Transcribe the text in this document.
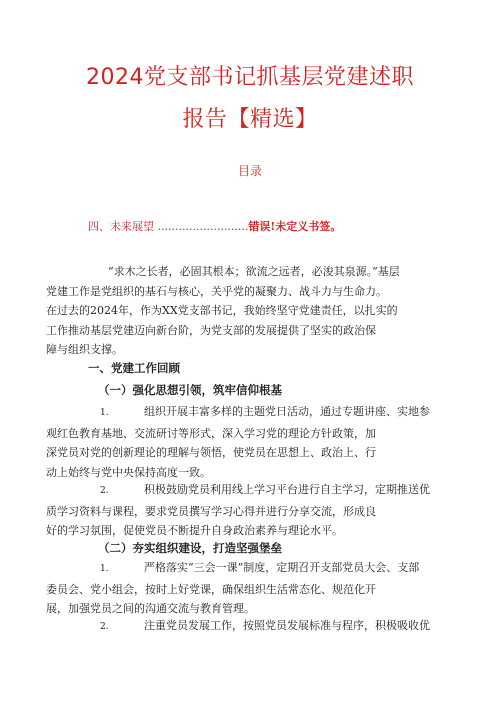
2024党支部书记抓基层党建述职
报告【精选】
目录
四、未来展望 ..........................错误!未定义书签。
“求木之长者，必固其根本；欲流之远者，必浚其泉源。”基层
党建工作是党组织的基石与核心，关乎党的凝聚力、战斗力与生命力。
在过去的2024年，作为XX党支部书记，我始终坚守党建责任，以扎实的
工作推动基层党建迈向新台阶，为党支部的发展提供了坚实的政治保
障与组织支撑。
一、党建工作回顾
（一）强化思想引领，筑牢信仰根基
1.	组织开展丰富多样的主题党日活动，通过专题讲座、实地参
观红色教育基地、交流研讨等形式，深入学习党的理论方针政策，加
深党员对党的创新理论的理解与领悟，使党员在思想上、政治上、行
动上始终与党中央保持高度一致。
2.	积极鼓励党员利用线上学习平台进行自主学习，定期推送优
质学习资料与课程，要求党员撰写学习心得并进行分享交流，形成良
好的学习氛围，促使党员不断提升自身政治素养与理论水平。
（二）夯实组织建设，打造坚强堡垒
1.	严格落实“三会一课”制度，定期召开支部党员大会、支部
委员会、党小组会，按时上好党课，确保组织生活常态化、规范化开
展，加强党员之间的沟通交流与教育管理。
2.	注重党员发展工作，按照党员发展标准与程序，积极吸收优
